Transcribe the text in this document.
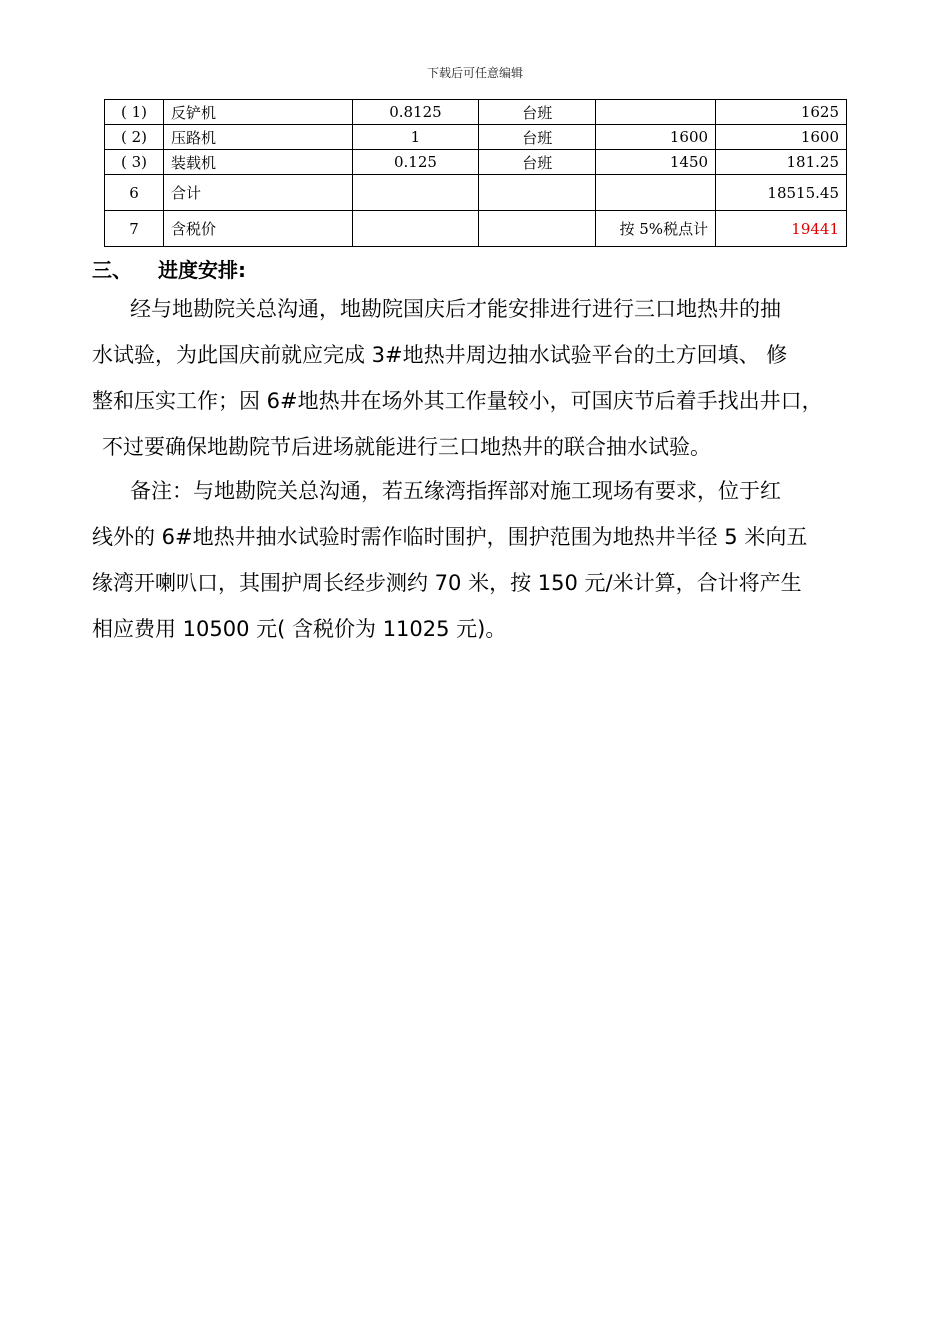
下载后可任意编辑
( 1)	反铲机	0.8125	台班		1625
( 2)	压路机	1	台班	1600	1600
( 3)	装载机	0.125	台班	1450	181.25
6	合计				18515.45
7	含税价			按 5%税点计	19441
三、 进度安排:
经与地勘院关总沟通，地勘院国庆后才能安排进行进行三口地热井的抽
水试验，为此国庆前就应完成 3#地热井周边抽水试验平台的土方回填、 修
整和压实工作；因 6#地热井在场外其工作量较小，可国庆节后着手找出井口，
不过要确保地勘院节后进场就能进行三口地热井的联合抽水试验。
备注：与地勘院关总沟通，若五缘湾指挥部对施工现场有要求，位于红
线外的 6#地热井抽水试验时需作临时围护，围护范围为地热井半径 5 米向五
缘湾开喇叭口，其围护周长经步测约 70 米，按 150 元/米计算，合计将产生
相应费用 10500 元( 含税价为 11025 元)。
